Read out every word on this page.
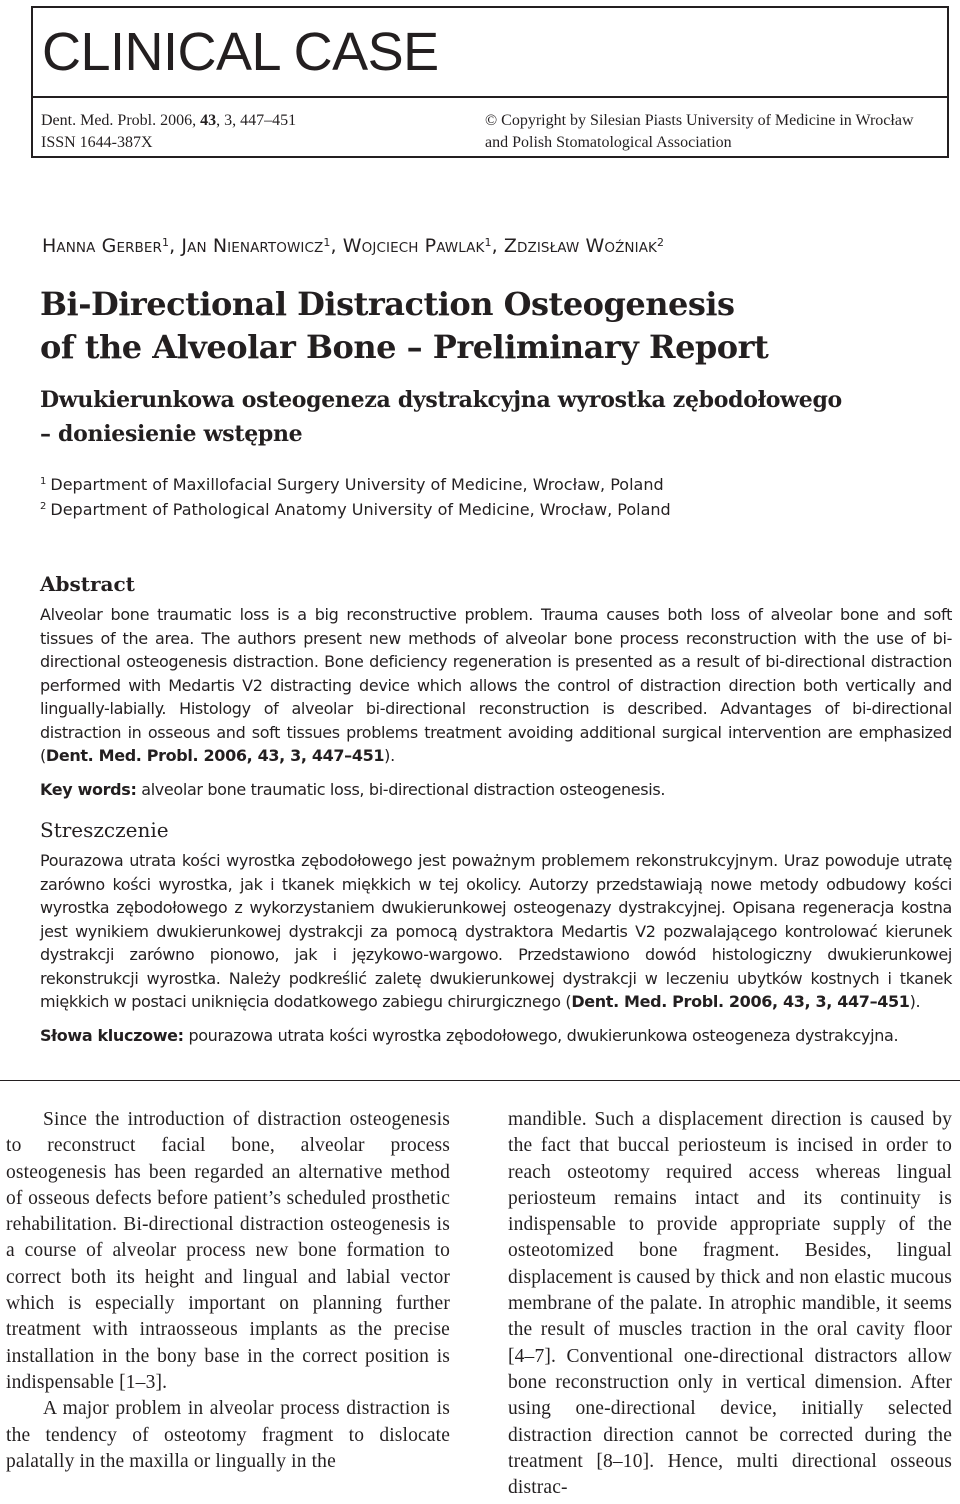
CLINICAL CASE
Dent. Med. Probl. 2006, 43, 3, 447–451
ISSN 1644-387X
© Copyright by Silesian Piasts University of Medicine in Wrocław
and Polish Stomatological Association
HANNA GERBER$^1$, JAN NIENARTOWICZ$^1$, WOJCIECH PAWLAK$^1$, ZDZISŁAW WOŹNIAK$^2$
Bi-Directional Distraction Osteogenesis
of the Alveolar Bone – Preliminary Report
Dwukierunkowa osteogeneza dystrakcyjna wyrostka zębodołowego
– doniesienie wstępne
$^1$ Department of Maxillofacial Surgery University of Medicine, Wrocław, Poland
$^2$ Department of Pathological Anatomy University of Medicine, Wrocław, Poland
Abstract
Alveolar bone traumatic loss is a big reconstructive problem. Trauma causes both loss of alveolar bone and soft tissues of the area. The authors present new methods of alveolar bone process reconstruction with the use of bi-directional osteogenesis distraction. Bone deficiency regeneration is presented as a result of bi-directional distraction performed with Medartis V2 distracting device which allows the control of distraction direction both vertically and lingually-labially. Histology of alveolar bi-directional reconstruction is described. Advantages of bi-directional distraction in osseous and soft tissues problems treatment avoiding additional surgical intervention are emphasized (Dent. Med. Probl. 2006, 43, 3, 447–451).
Key words: alveolar bone traumatic loss, bi-directional distraction osteogenesis.
Streszczenie
Pourazowa utrata kości wyrostka zębodołowego jest poważnym problemem rekonstrukcyjnym. Uraz powoduje utratę zarówno kości wyrostka, jak i tkanek miękkich w tej okolicy. Autorzy przedstawiają nowe metody odbudowy kości wyrostka zębodołowego z wykorzystaniem dwukierunkowej osteogenazy dystrakcyjnej. Opisana regeneracja kostna jest wynikiem dwukierunkowej dystrakcji za pomocą dystraktora Medartis V2 pozwalającego kontrolować kierunek dystrakcji zarówno pionowo, jak i językowo-wargowo. Przedstawiono dowód histologiczny dwukierunkowej rekonstrukcji wyrostka. Należy podkreślić zaletę dwukierunkowej dystrakcji w leczeniu ubytków kostnych i tkanek miękkich w postaci uniknięcia dodatkowego zabiegu chirurgicznego (Dent. Med. Probl. 2006, 43, 3, 447–451).
Słowa kluczowe: pourazowa utrata kości wyrostka zębodołowego, dwukierunkowa osteogeneza dystrakcyjna.

Since the introduction of distraction osteogenesis to reconstruct facial bone, alveolar process osteogenesis has been regarded an alternative method of osseous defects before patient’s scheduled prosthetic rehabilitation. Bi-directional distraction osteogenesis is a course of alveolar process new bone formation to correct both its height and lingual and labial vector which is especially important on planning further treatment with intraosseous implants as the precise installation in the bony base in the correct position is indispensable [1–3].

A major problem in alveolar process distraction is the tendency of osteotomy fragment to dislocate palatally in the maxilla or lingually in the

mandible. Such a displacement direction is caused by the fact that buccal periosteum is incised in order to reach osteotomy required access whereas lingual periosteum remains intact and its continuity is indispensable to provide appropriate supply of the osteotomized bone fragment. Besides, lingual displacement is caused by thick and non elastic mucous membrane of the palate. In atrophic mandible, it seems the result of muscles traction in the oral cavity floor [4–7]. Conventional one-directional distractors allow bone reconstruction only in vertical dimension. After using one-directional device, initially selected distraction direction cannot be corrected during the treatment [8–10]. Hence, multi directional osseous distrac-
